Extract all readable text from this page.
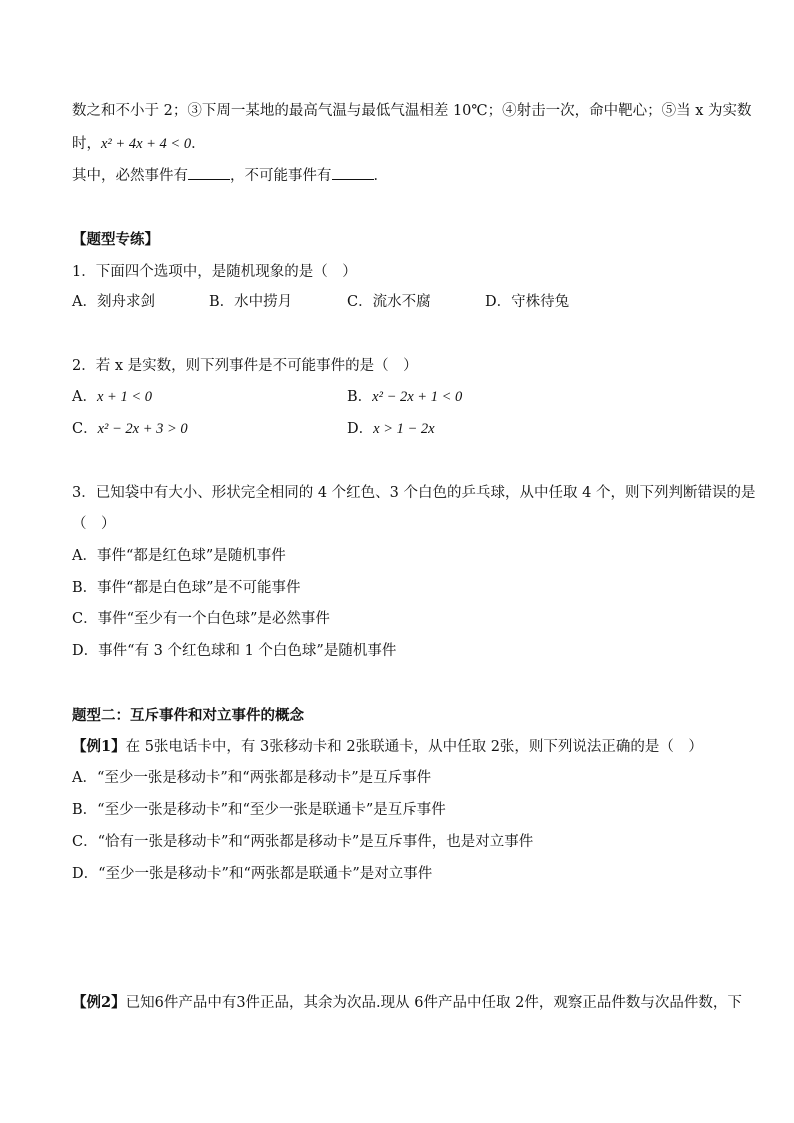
数之和不小于 2；③下周一某地的最高气温与最低气温相差 10℃；④射击一次，命中靶心；⑤当 x 为实数
时，x² + 4x + 4 < 0．
其中，必然事件有	，不可能事件有	．
【题型专练】
1．下面四个选项中，是随机现象的是（　）
A．刻舟求剑	B．水中捞月	C．流水不腐	D．守株待兔
2．若 x 是实数，则下列事件是不可能事件的是（　）
A．x + 1 < 0	B．x² − 2x + 1 < 0
C．x² − 2x + 3 > 0	D．x > 1 − 2x
3．已知袋中有大小、形状完全相同的 4 个红色、3 个白色的乒乓球，从中任取 4 个，则下列判断错误的是
（　）
A．事件“都是红色球”是随机事件
B．事件“都是白色球”是不可能事件
C．事件“至少有一个白色球”是必然事件
D．事件“有 3 个红色球和 1 个白色球”是随机事件
题型二：互斥事件和对立事件的概念
【例1】在 5张电话卡中，有 3张移动卡和 2张联通卡，从中任取 2张，则下列说法正确的是（　）
A．“至少一张是移动卡”和“两张都是移动卡”是互斥事件
B．“至少一张是移动卡”和“至少一张是联通卡”是互斥事件
C．“恰有一张是移动卡”和“两张都是移动卡”是互斥事件，也是对立事件
D．“至少一张是移动卡”和“两张都是联通卡”是对立事件
【例2】已知6件产品中有3件正品，其余为次品.现从 6件产品中任取 2件，观察正品件数与次品件数，下
